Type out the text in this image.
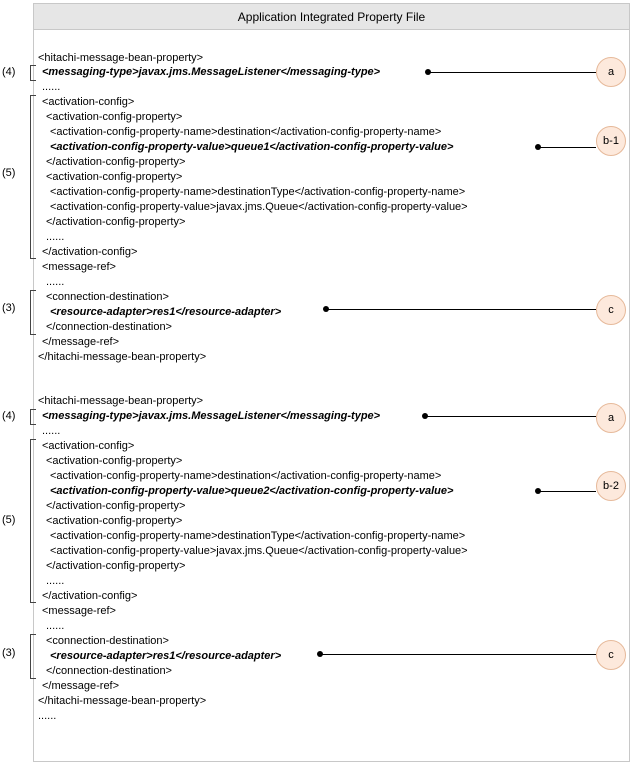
Application Integrated Property File
<hitachi-message-bean-property>
<messaging-type>javax.jms.MessageListener</messaging-type>
......
<activation-config>
<activation-config-property>
<activation-config-property-name>destination</activation-config-property-name>
<activation-config-property-value>queue1</activation-config-property-value>
</activation-config-property>
<activation-config-property>
<activation-config-property-name>destinationType</activation-config-property-name>
<activation-config-property-value>javax.jms.Queue</activation-config-property-value>
</activation-config-property>
......
</activation-config>
<message-ref>
......
<connection-destination>
<resource-adapter>res1</resource-adapter>
</connection-destination>
</message-ref>
</hitachi-message-bean-property>
<hitachi-message-bean-property>
<messaging-type>javax.jms.MessageListener</messaging-type>
......
<activation-config>
<activation-config-property>
<activation-config-property-name>destination</activation-config-property-name>
<activation-config-property-value>queue2</activation-config-property-value>
</activation-config-property>
<activation-config-property>
<activation-config-property-name>destinationType</activation-config-property-name>
<activation-config-property-value>javax.jms.Queue</activation-config-property-value>
</activation-config-property>
......
</activation-config>
<message-ref>
......
<connection-destination>
<resource-adapter>res1</resource-adapter>
</connection-destination>
</message-ref>
</hitachi-message-bean-property>
......
(4)
(5)
(3)
(4)
(5)
(3)
a
b-1
c
a
b-2
c
